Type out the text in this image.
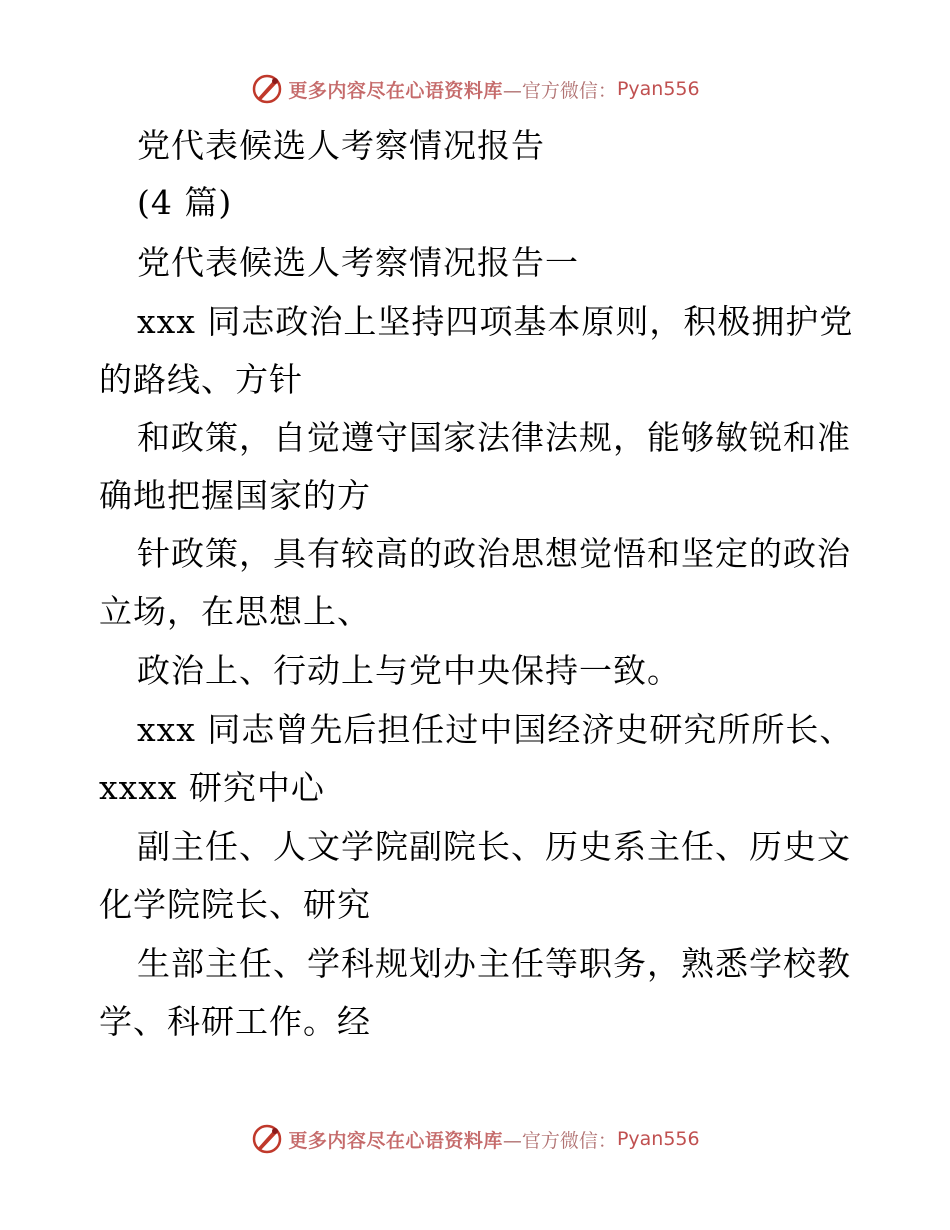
更多内容尽在心语资料库 —官方微信： Pyan556
党代表候选人考察情况报告
(4 篇)
党代表候选人考察情况报告一
xxx 同志政治上坚持四项基本原则，积极拥护党
的路线、方针
和政策，自觉遵守国家法律法规，能够敏锐和准
确地把握国家的方
针政策，具有较高的政治思想觉悟和坚定的政治
立场，在思想上、
政治上、行动上与党中央保持一致。
xxx 同志曾先后担任过中国经济史研究所所长、
xxxx 研究中心
副主任、人文学院副院长、历史系主任、历史文
化学院院长、研究
生部主任、学科规划办主任等职务，熟悉学校教
学、科研工作。经
更多内容尽在心语资料库 —官方微信： Pyan556
